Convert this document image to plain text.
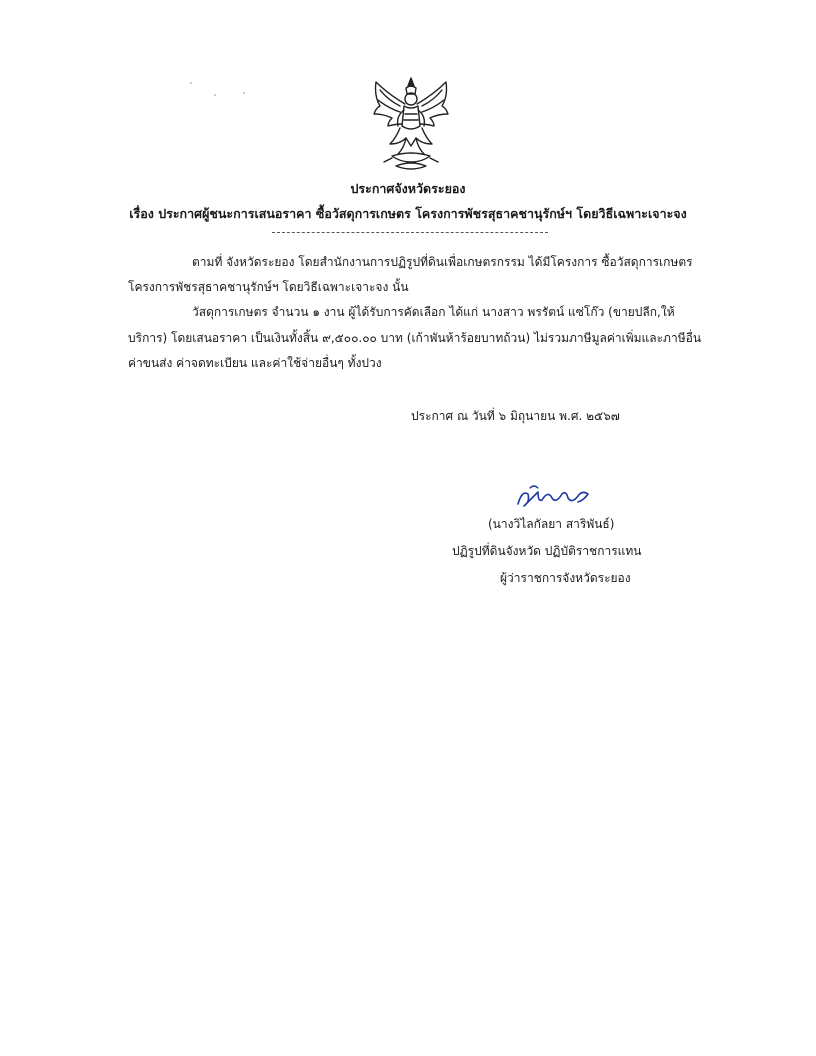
ประกาศจังหวัดระยอง
เรื่อง ประกาศผู้ชนะการเสนอราคา ซื้อวัสดุการเกษตร โครงการพัชรสุธาคชานุรักษ์ฯ โดยวิธีเฉพาะเจาะจง
ตามที่ จังหวัดระยอง โดยสำนักงานการปฏิรูปที่ดินเพื่อเกษตรกรรม ได้มีโครงการ ซื้อวัสดุการเกษตร
โครงการพัชรสุธาคชานุรักษ์ฯ โดยวิธีเฉพาะเจาะจง นั้น
วัสดุการเกษตร จำนวน ๑ งาน ผู้ได้รับการคัดเลือก ได้แก่ นางสาว พรรัตน์ แซ่โก๊ว (ขายปลีก,ให้
บริการ) โดยเสนอราคา เป็นเงินทั้งสิ้น ๙,๕๐๐.๐๐ บาท (เก้าพันห้าร้อยบาทถ้วน) ไม่รวมภาษีมูลค่าเพิ่มและภาษีอื่น
ค่าขนส่ง ค่าจดทะเบียน และค่าใช้จ่ายอื่นๆ ทั้งปวง
ประกาศ ณ วันที่ ๖ มิถุนายน พ.ศ. ๒๕๖๗
(นางวิไลกัลยา สาริพันธ์)
ปฏิรูปที่ดินจังหวัด ปฏิบัติราชการแทน
ผู้ว่าราชการจังหวัดระยอง
